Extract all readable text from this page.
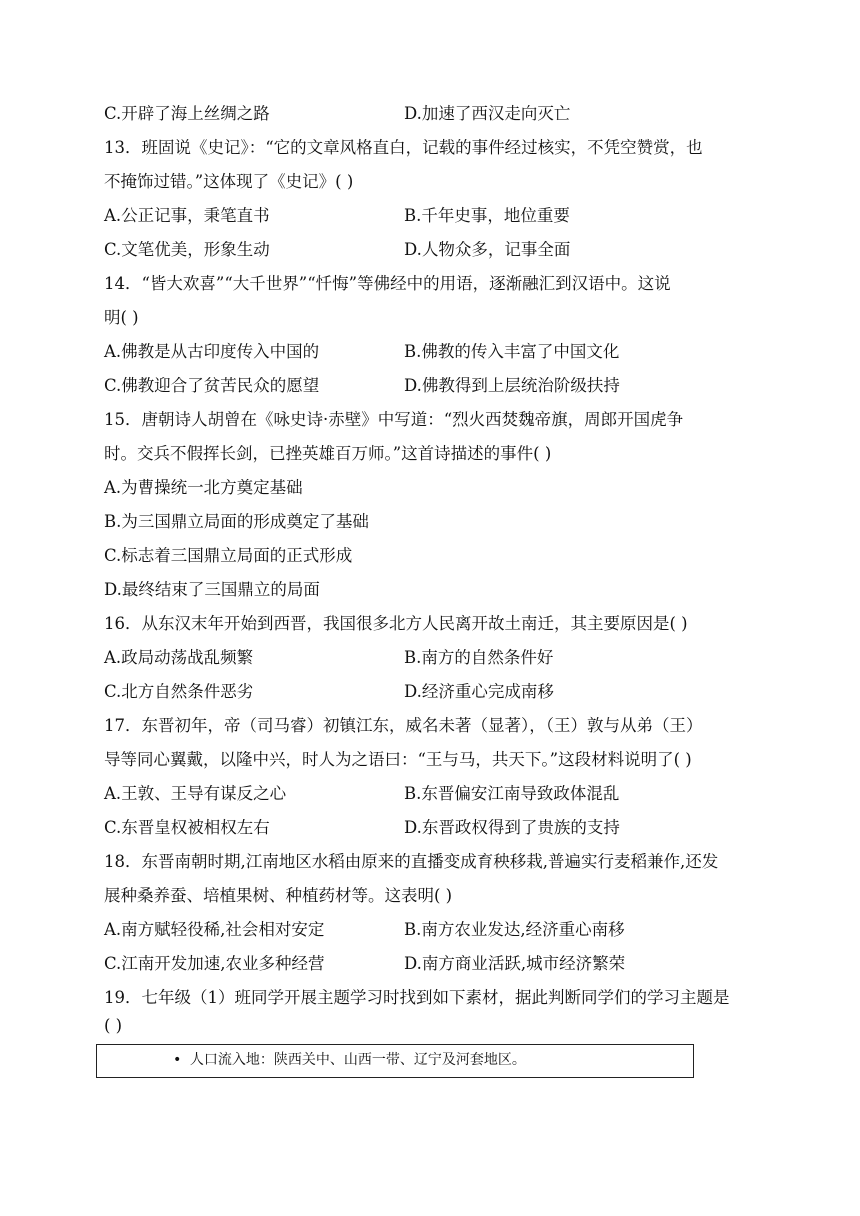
C.开辟了海上丝绸之路	D.加速了西汉走向灭亡
13．班固说《史记》：“它的文章风格直白，记载的事件经过核实，不凭空赞赏，也
不掩饰过错。”这体现了《史记》( )
A.公正记事，秉笔直书	B.千年史事，地位重要
C.文笔优美，形象生动	D.人物众多，记事全面
14．“皆大欢喜”“大千世界”“忏悔”等佛经中的用语，逐渐融汇到汉语中。这说
明( )
A.佛教是从古印度传入中国的	B.佛教的传入丰富了中国文化
C.佛教迎合了贫苦民众的愿望	D.佛教得到上层统治阶级扶持
15．唐朝诗人胡曾在《咏史诗·赤壁》中写道：“烈火西焚魏帝旗，周郎开国虎争
时。交兵不假挥长剑，已挫英雄百万师。”这首诗描述的事件( )
A.为曹操统一北方奠定基础
B.为三国鼎立局面的形成奠定了基础
C.标志着三国鼎立局面的正式形成
D.最终结束了三国鼎立的局面
16．从东汉末年开始到西晋，我国很多北方人民离开故土南迁，其主要原因是( )
A.政局动荡战乱频繁	B.南方的自然条件好
C.北方自然条件恶劣	D.经济重心完成南移
17．东晋初年，帝（司马睿）初镇江东，威名未著（显著），（王）敦与从弟（王）
导等同心翼戴，以隆中兴，时人为之语曰：“王与马，共天下。”这段材料说明了( )
A.王敦、王导有谋反之心	B.东晋偏安江南导致政体混乱
C.东晋皇权被相权左右	D.东晋政权得到了贵族的支持
18．东晋南朝时期,江南地区水稻由原来的直播变成育秧移栽,普遍实行麦稻兼作,还发
展种桑养蚕、培植果树、种植药材等。这表明( )
A.南方赋轻役稀,社会相对安定	B.南方农业发达,经济重心南移
C.江南开发加速,农业多种经营	D.南方商业活跃,城市经济繁荣
19．七年级（1）班同学开展主题学习时找到如下素材，据此判断同学们的学习主题是
( )
• 人口流入地：陕西关中、山西一带、辽宁及河套地区。
